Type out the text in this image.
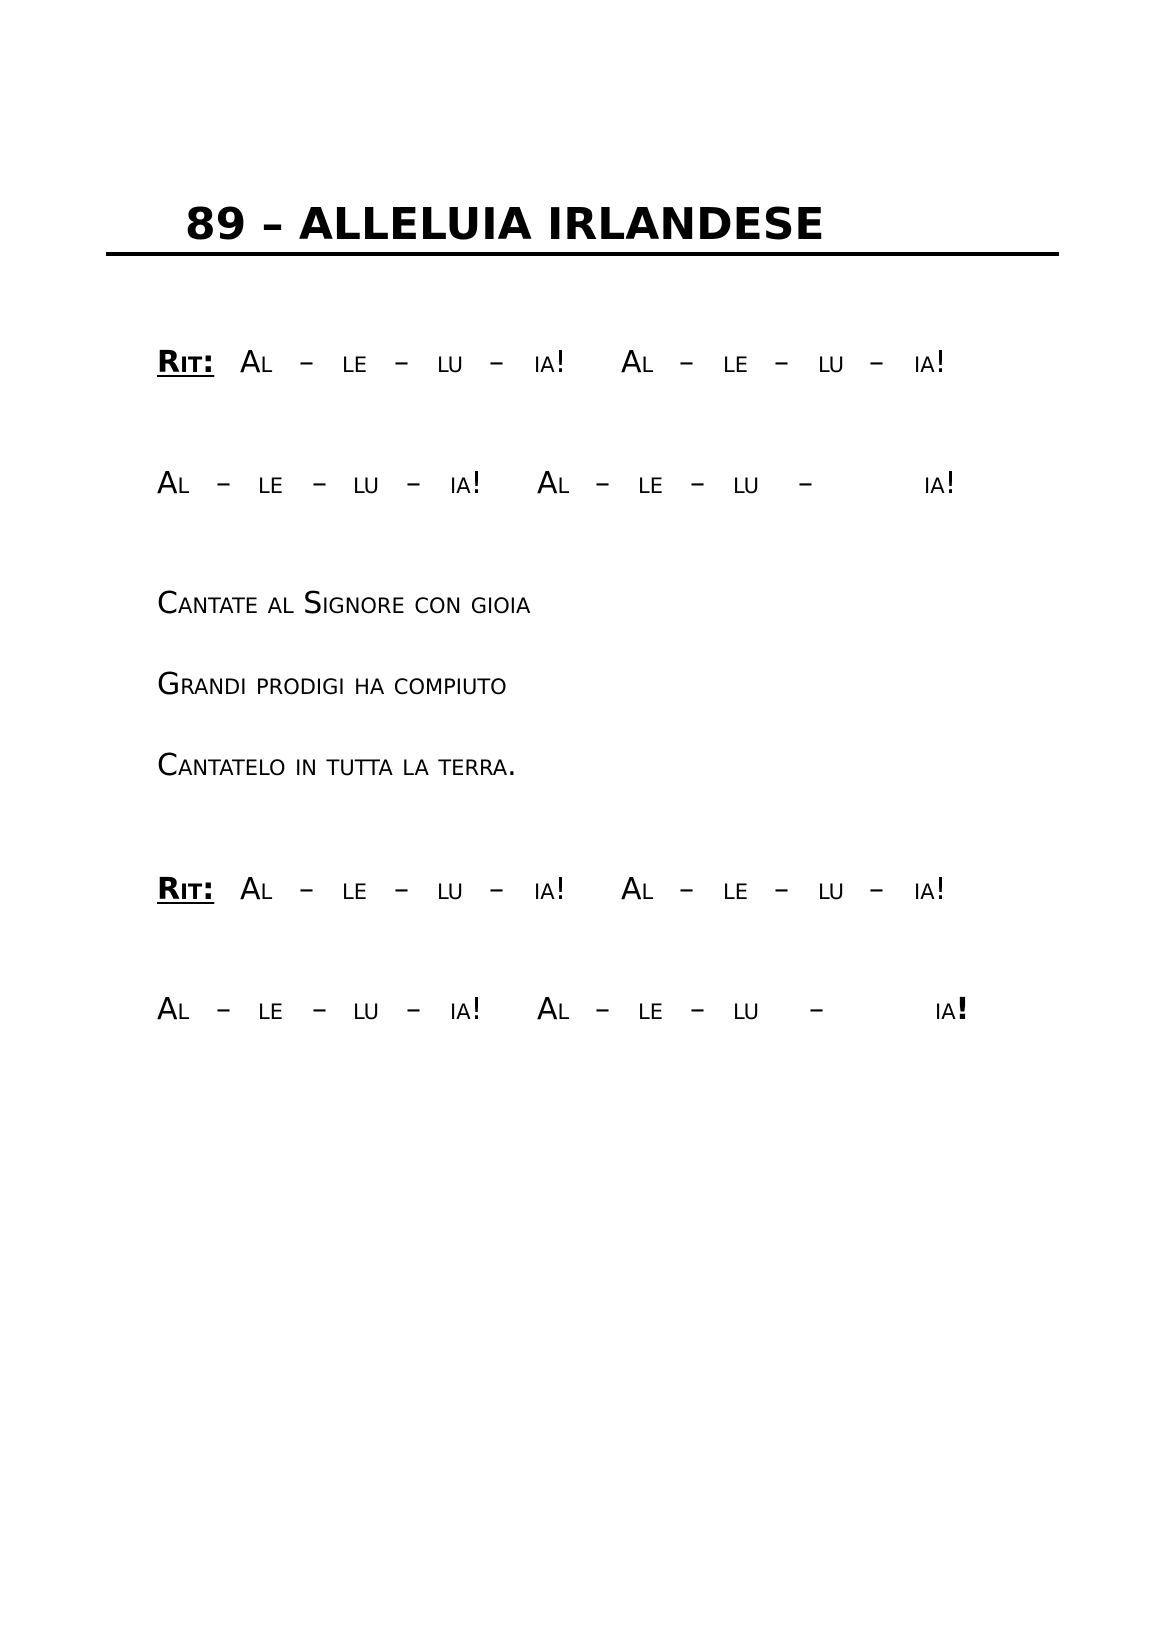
89 – ALLELUIA IRLANDESE
Rit: Al – le – lu – ia! Al – le – lu – ia!
Al – le – lu – ia! Al – le – lu –	ia!

Cantate al Signore con gioia

Grandi prodigi ha compiuto

Cantatelo in tutta la terra.

Rit: Al – le – lu – ia! Al – le – lu – ia!
Al – le – lu – ia! Al – le – lu –	ia!
